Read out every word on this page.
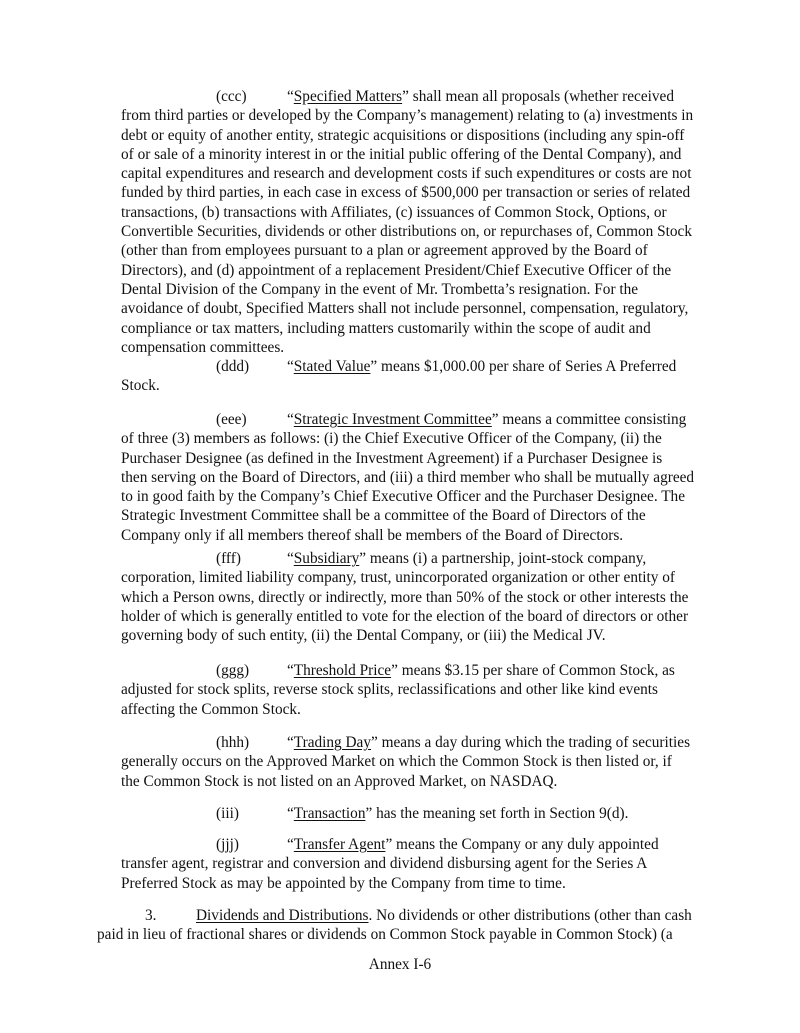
(ccc)	“Specified Matters” shall mean all proposals (whether received
from third parties or developed by the Company’s management) relating to (a) investments in
debt or equity of another entity, strategic acquisitions or dispositions (including any spin-off
of or sale of a minority interest in or the initial public offering of the Dental Company), and
capital expenditures and research and development costs if such expenditures or costs are not
funded by third parties, in each case in excess of $500,000 per transaction or series of related
transactions, (b) transactions with Affiliates, (c) issuances of Common Stock, Options, or
Convertible Securities, dividends or other distributions on, or repurchases of, Common Stock
(other than from employees pursuant to a plan or agreement approved by the Board of
Directors), and (d) appointment of a replacement President/Chief Executive Officer of the
Dental Division of the Company in the event of Mr. Trombetta’s resignation. For the
avoidance of doubt, Specified Matters shall not include personnel, compensation, regulatory,
compliance or tax matters, including matters customarily within the scope of audit and
compensation committees.
(ddd) “Stated Value” means $1,000.00 per share of Series A Preferred
Stock.
(eee)	“Strategic Investment Committee” means a committee consisting
of three (3) members as follows: (i) the Chief Executive Officer of the Company, (ii) the
Purchaser Designee (as defined in the Investment Agreement) if a Purchaser Designee is
then serving on the Board of Directors, and (iii) a third member who shall be mutually agreed
to in good faith by the Company’s Chief Executive Officer and the Purchaser Designee. The
Strategic Investment Committee shall be a committee of the Board of Directors of the
Company only if all members thereof shall be members of the Board of Directors.
(fff)	“Subsidiary” means (i) a partnership, joint-stock company,
corporation, limited liability company, trust, unincorporated organization or other entity of
which a Person owns, directly or indirectly, more than 50% of the stock or other interests the
holder of which is generally entitled to vote for the election of the board of directors or other
governing body of such entity, (ii) the Dental Company, or (iii) the Medical JV.
(ggg) “Threshold Price” means $3.15 per share of Common Stock, as
adjusted for stock splits, reverse stock splits, reclassifications and other like kind events
affecting the Common Stock.
(hhh) “Trading Day” means a day during which the trading of securities
generally occurs on the Approved Market on which the Common Stock is then listed or, if
the Common Stock is not listed on an Approved Market, on NASDAQ.
(iii)	“Transaction” has the meaning set forth in Section 9(d).
(jjj)	“Transfer Agent” means the Company or any duly appointed
transfer agent, registrar and conversion and dividend disbursing agent for the Series A
Preferred Stock as may be appointed by the Company from time to time.
3.	Dividends and Distributions. No dividends or other distributions (other than cash
paid in lieu of fractional shares or dividends on Common Stock payable in Common Stock) (a
Annex I-6
